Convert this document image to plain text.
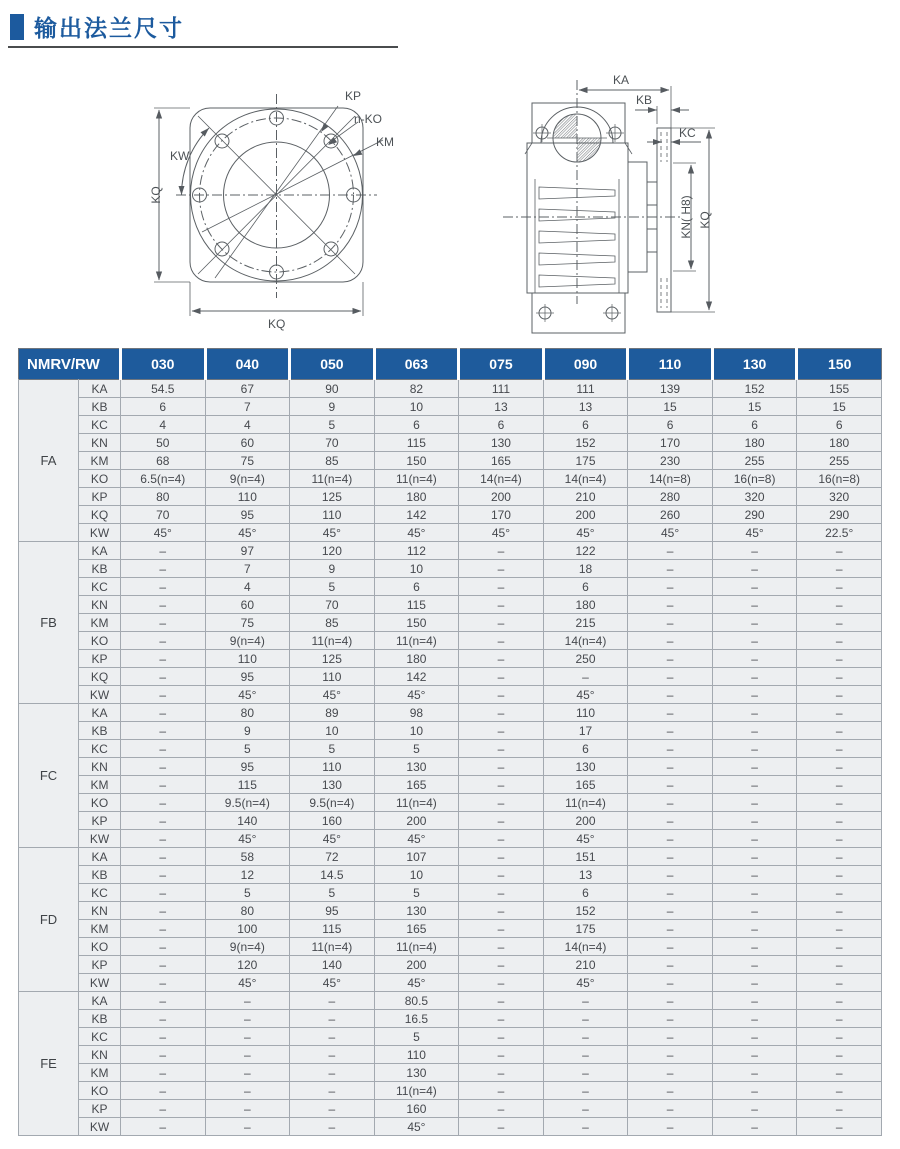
输出法兰尺寸
KP
n-KO
KM
KW
KQ
KQ
KA
KB
KC
KN( H8) KQ
NMRV/RW		030	040	050	063	075	090	110	130	150
FA	KA	54.5	67	90	82	111	111	139	152	155
	KB	6	7	9	10	13	13	15	15	15
	KC	4	4	5	6	6	6	6	6	6
	KN	50	60	70	115	130	152	170	180	180
	KM	68	75	85	150	165	175	230	255	255
	KO	6.5(n=4)	9(n=4)	11(n=4)	11(n=4)	14(n=4)	14(n=4)	14(n=8)	16(n=8)	16(n=8)
	KP	80	110	125	180	200	210	280	320	320
	KQ	70	95	110	142	170	200	260	290	290
	KW	45°	45°	45°	45°	45°	45°	45°	45°	22.5°
FB	KA	–	97	120	112	–	122	–	–	–
	KB	–	7	9	10	–	18	–	–	–
	KC	–	4	5	6	–	6	–	–	–
	KN	–	60	70	115	–	180	–	–	–
	KM	–	75	85	150	–	215	–	–	–
	KO	–	9(n=4)	11(n=4)	11(n=4)	–	14(n=4)	–	–	–
	KP	–	110	125	180	–	250	–	–	–
	KQ	–	95	110	142	–	–	–	–	–
	KW	–	45°	45°	45°	–	45°	–	–	–
FC	KA	–	80	89	98	–	110	–	–	–
	KB	–	9	10	10	–	17	–	–	–
	KC	–	5	5	5	–	6	–	–	–
	KN	–	95	110	130	–	130	–	–	–
	KM	–	115	130	165	–	165	–	–	–
	KO	–	9.5(n=4)	9.5(n=4)	11(n=4)	–	11(n=4)	–	–	–
	KP	–	140	160	200	–	200	–	–	–
	KW	–	45°	45°	45°	–	45°	–	–	–
FD	KA	–	58	72	107	–	151	–	–	–
	KB	–	12	14.5	10	–	13	–	–	–
	KC	–	5	5	5	–	6	–	–	–
	KN	–	80	95	130	–	152	–	–	–
	KM	–	100	115	165	–	175	–	–	–
	KO	–	9(n=4)	11(n=4)	11(n=4)	–	14(n=4)	–	–	–
	KP	–	120	140	200	–	210	–	–	–
	KW	–	45°	45°	45°	–	45°	–	–	–
FE	KA	–	–	–	80.5	–	–	–	–	–
	KB	–	–	–	16.5	–	–	–	–	–
	KC	–	–	–	5	–	–	–	–	–
	KN	–	–	–	110	–	–	–	–	–
	KM	–	–	–	130	–	–	–	–	–
	KO	–	–	–	11(n=4)	–	–	–	–	–
	KP	–	–	–	160	–	–	–	–	–
	KW	–	–	–	45°	–	–	–	–	–
